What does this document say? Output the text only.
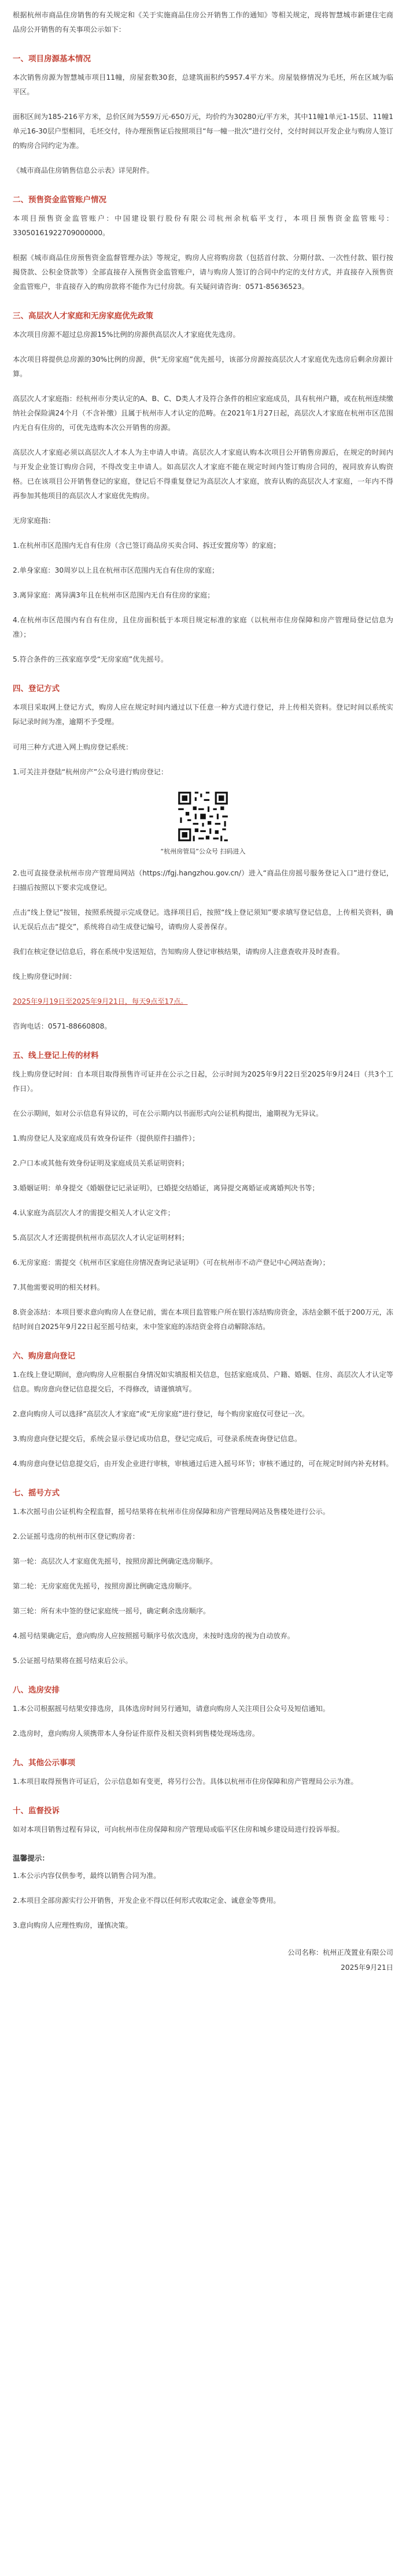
根据杭州市商品住房销售的有关规定和《关于实施商品住房公开销售工作的通知》等相关规定，现将智慧城市新建住宅商品房公开销售的有关事项公示如下：

一、项目房源基本情况

本次销售房源为智慧城市项目11幢，房屋套数30套，总建筑面积约5957.4平方米。房屋装修情况为毛坯，所在区域为临平区。

面积区间为185-216平方米，总价区间为559万元-650万元，均价约为30280元/平方米，其中11幢1单元1-15层、11幢1单元16-30层户型相同，毛坯交付，待办理预售证后按照项目“每一幢一批次”进行交付，交付时间以开发企业与购房人签订的购房合同约定为准。

《城市商品住房销售信息公示表》详见附件。

二、预售资金监管账户情况

本项目预售资金监管账户：中国建设银行股份有限公司杭州余杭临平支行，本项目预售资金监管账号：33050161922709000000。

根据《城市商品住房预售资金监督管理办法》等规定，购房人应将购房款（包括首付款、分期付款、一次性付款、银行按揭贷款、公积金贷款等）全部直接存入预售资金监管账户，请与购房人签订的合同中约定的支付方式，并直接存入预售资金监管账户，非直接存入的购房款将不能作为已付房款。有关疑问请咨询：0571-85636523。

三、高层次人才家庭和无房家庭优先政策

本次项目房源不超过总房源15%比例的房源供高层次人才家庭优先选房。

本次项目将提供总房源的30%比例的房源，供“无房家庭”优先摇号，该部分房源按高层次人才家庭优先选房后剩余房源计算。

高层次人才家庭指：经杭州市分类认定的A、B、C、D类人才及符合条件的相应家庭成员，具有杭州户籍，或在杭州连续缴纳社会保险满24个月（不含补缴）且属于杭州市人才认定的范畴。在2021年1月27日起，高层次人才家庭在杭州市区范围内无自有住房的，可优先选购本次公开销售的房源。

高层次人才家庭必须以高层次人才本人为主申请人申请。高层次人才家庭认购本次项目公开销售房源后，在规定的时间内与开发企业签订购房合同，不得改变主申请人。如高层次人才家庭不能在规定时间内签订购房合同的，视同放弃认购资格。已在该项目公开销售登记的家庭，登记后不得重复登记为高层次人才家庭，放弃认购的高层次人才家庭，一年内不得再参加其他项目的高层次人才家庭优先购房。

无房家庭指：

1.在杭州市区范围内无自有住房（含已签订商品房买卖合同、拆迁安置房等）的家庭；

2.单身家庭：30周岁以上且在杭州市区范围内无自有住房的家庭；

3.离异家庭：离异满3年且在杭州市区范围内无自有住房的家庭；

4.在杭州市区范围内有自有住房，且住房面积低于本项目规定标准的家庭（以杭州市住房保障和房产管理局登记信息为准）；

5.符合条件的三孩家庭享受“无房家庭”优先摇号。

四、登记方式

本项目采取网上登记方式，购房人应在规定时间内通过以下任意一种方式进行登记，并上传相关资料。登记时间以系统实际记录时间为准，逾期不予受理。

可用三种方式进入网上购房登记系统：

1.可关注并登陆“杭州房产”公众号进行购房登记：

“杭州房管局”公众号 扫码进入

2.也可直接登录杭州市房产管理局网站（https://fgj.hangzhou.gov.cn/）进入“商品住房摇号服务登记入口”进行登记，扫描后按照以下要求完成登记。

点击“线上登记”按钮，按照系统提示完成登记。选择项目后，按照“线上登记须知”要求填写登记信息，上传相关资料，确认无误后点击“提交”，系统将自动生成登记编号，请购房人妥善保存。

我们在核定登记信息后，将在系统中发送短信，告知购房人登记审核结果，请购房人注意查收并及时查看。

线上购房登记时间：

2025年9月19日至2025年9月21日，每天9点至17点。

咨询电话：0571-88660808。

五、线上登记上传的材料

线上购房登记时间：自本项目取得预售许可证并在公示之日起，公示时间为2025年9月22日至2025年9月24日（共3个工作日）。

在公示期间，如对公示信息有异议的，可在公示期内以书面形式向公证机构提出，逾期视为无异议。

1.购房登记人及家庭成员有效身份证件（提供原件扫描件）；

2.户口本或其他有效身份证明及家庭成员关系证明资料；

3.婚姻证明：单身提交《婚姻登记记录证明》，已婚提交结婚证，离异提交离婚证或离婚判决书等；

4.认家庭为高层次人才的需提交相关人才认定文件；

5.高层次人才还需提供杭州市高层次人才认定证明材料；

6.无房家庭：需提交《杭州市区家庭住房情况查询记录证明》（可在杭州市不动产登记中心网站查询）；

7.其他需要说明的相关材料。

8.资金冻结：本项目要求意向购房人在登记前，需在本项目监管账户所在银行冻结购房资金，冻结金额不低于200万元，冻结时间自2025年9月22日起至摇号结束，未中签家庭的冻结资金将自动解除冻结。

六、购房意向登记

1.在线上登记期间，意向购房人应根据自身情况如实填报相关信息，包括家庭成员、户籍、婚姻、住房、高层次人才认定等信息。购房意向登记信息提交后，不得修改，请谨慎填写。

2.意向购房人可以选择“高层次人才家庭”或“无房家庭”进行登记，每个购房家庭仅可登记一次。

3.购房意向登记提交后，系统会显示登记成功信息，登记完成后，可登录系统查询登记信息。

4.购房意向登记信息提交后，由开发企业进行审核，审核通过后进入摇号环节；审核不通过的，可在规定时间内补充材料。

七、摇号方式

1.本次摇号由公证机构全程监督，摇号结果将在杭州市住房保障和房产管理局网站及售楼处进行公示。

2.公证摇号选房的杭州市区登记购房者：

第一轮：高层次人才家庭优先摇号，按照房源比例确定选房顺序。

第二轮：无房家庭优先摇号，按照房源比例确定选房顺序。

第三轮：所有未中签的登记家庭统一摇号，确定剩余选房顺序。

4.摇号结果确定后，意向购房人应按照摇号顺序号依次选房，未按时选房的视为自动放弃。

5.公证摇号结果将在摇号结束后公示。

八、选房安排

1.本公司根据摇号结果安排选房，具体选房时间另行通知，请意向购房人关注项目公众号及短信通知。

2.选房时，意向购房人须携带本人身份证件原件及相关资料到售楼处现场选房。

九、其他公示事项

1.本项目取得预售许可证后，公示信息如有变更，将另行公告。具体以杭州市住房保障和房产管理局公示为准。

十、监督投诉

如对本项目销售过程有异议，可向杭州市住房保障和房产管理局或临平区住房和城乡建设局进行投诉举报。

温馨提示：

1.本公示内容仅供参考，最终以销售合同为准。

2.本项目全部房源实行公开销售，开发企业不得以任何形式收取定金、诚意金等费用。

3.意向购房人应理性购房，谨慎决策。

公司名称：杭州正茂置业有限公司
2025年9月21日
